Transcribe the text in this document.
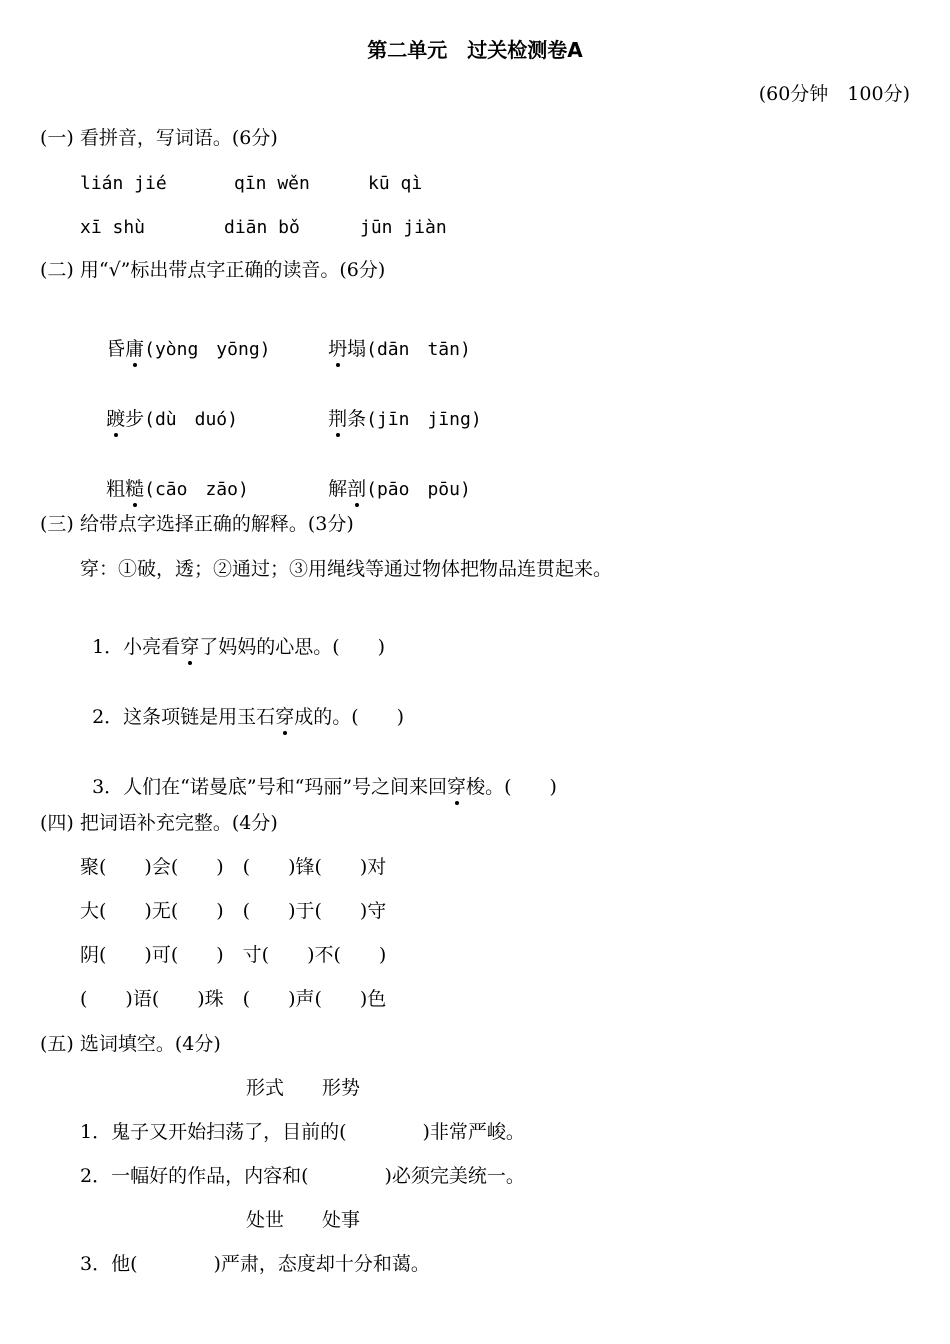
第二单元　过关检测卷A
(60分钟　100分)
(一) 看拼音，写词语。(6分)
lián jié	qīn wěn	kū qì
xī shù	diān bǒ	jūn jiàn
(二) 用“√”标出带点字正确的读音。(6分)

昏庸(yòng　yōng)	坍塌(dān　tān)

踱步(dù　duó)	荆条(jīn　jīng)

粗糙(cāo　zāo)	解剖(pāo　pōu)

(三) 给带点字选择正确的解释。(3分)
穿：①破，透；②通过；③用绳线等通过物体把物品连贯起来。

1．小亮看穿了妈妈的心思。(　　)

2．这条项链是用玉石穿成的。(　　)

3．人们在“诺曼底”号和“玛丽”号之间来回穿梭。(　　)

(四) 把词语补充完整。(4分)
聚(　　)会(　　)　(　　)锋(　　)对
大(　　)无(　　)　(　　)于(　　)守
阴(　　)可(　　)　寸(　　)不(　　)
(　　)语(　　)珠　(　　)声(　　)色
(五) 选词填空。(4分)
形式　　形势
1．鬼子又开始扫荡了，目前的(　　　　)非常严峻。
2．一幅好的作品，内容和(　　　　)必须完美统一。
处世　　处事
3．他(　　　　)严肃，态度却十分和蔼。
